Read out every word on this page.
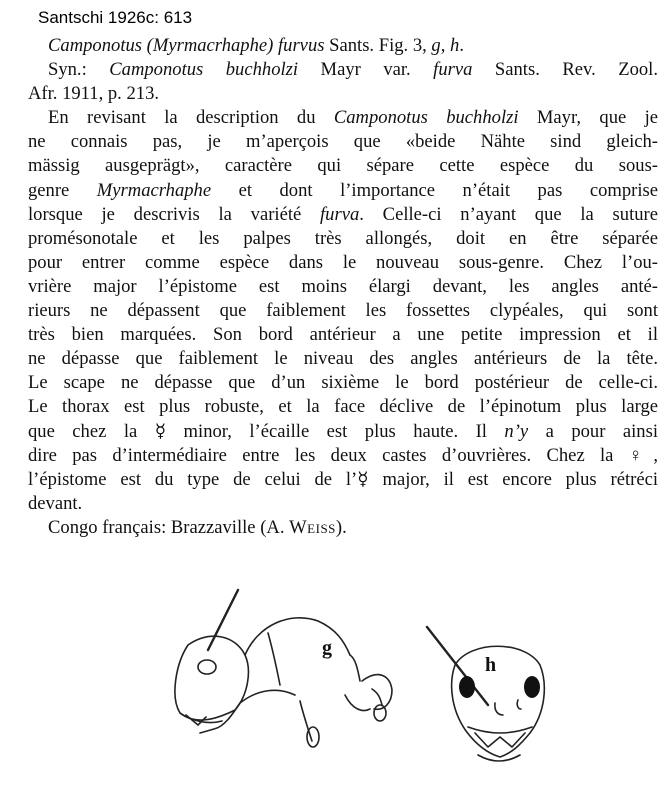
Santschi 1926c: 613

Camponotus (Myrmacrhaphe) furvus Sants. Fig. 3, g, h.

Syn.: Camponotus buchholzi Mayr var. furva Sants. Rev. Zool.

Afr. 1911, p. 213.

En revisant la description du Camponotus buchholzi Mayr, que je

ne connais pas, je m’aperçois que «beide Nähte sind gleich-

mässig ausgeprägt», caractère qui sépare cette espèce du sous-

genre Myrmacrhaphe et dont l’importance n’était pas comprise

lorsque je descrivis la variété furva. Celle-ci n’ayant que la suture

promésonotale et les palpes très allongés, doit en être séparée

pour entrer comme espèce dans le nouveau sous-genre. Chez l’ou-

vrière major l’épistome est moins élargi devant, les angles anté-

rieurs ne dépassent que faiblement les fossettes clypéales, qui sont

très bien marquées. Son bord antérieur a une petite impression et il

ne dépasse que faiblement le niveau des angles antérieurs de la tête.

Le scape ne dépasse que d’un sixième le bord postérieur de celle-ci.

Le thorax est plus robuste, et la face déclive de l’épinotum plus large

que chez la ☿ minor, l’écaille est plus haute. Il n’y a pour ainsi

dire pas d’intermédiaire entre les deux castes d’ouvrières. Chez la ♀,

l’épistome est du type de celui de l’☿ major, il est encore plus rétréci

devant.

Congo français: Brazzaville (A. Weiss).

g
h
